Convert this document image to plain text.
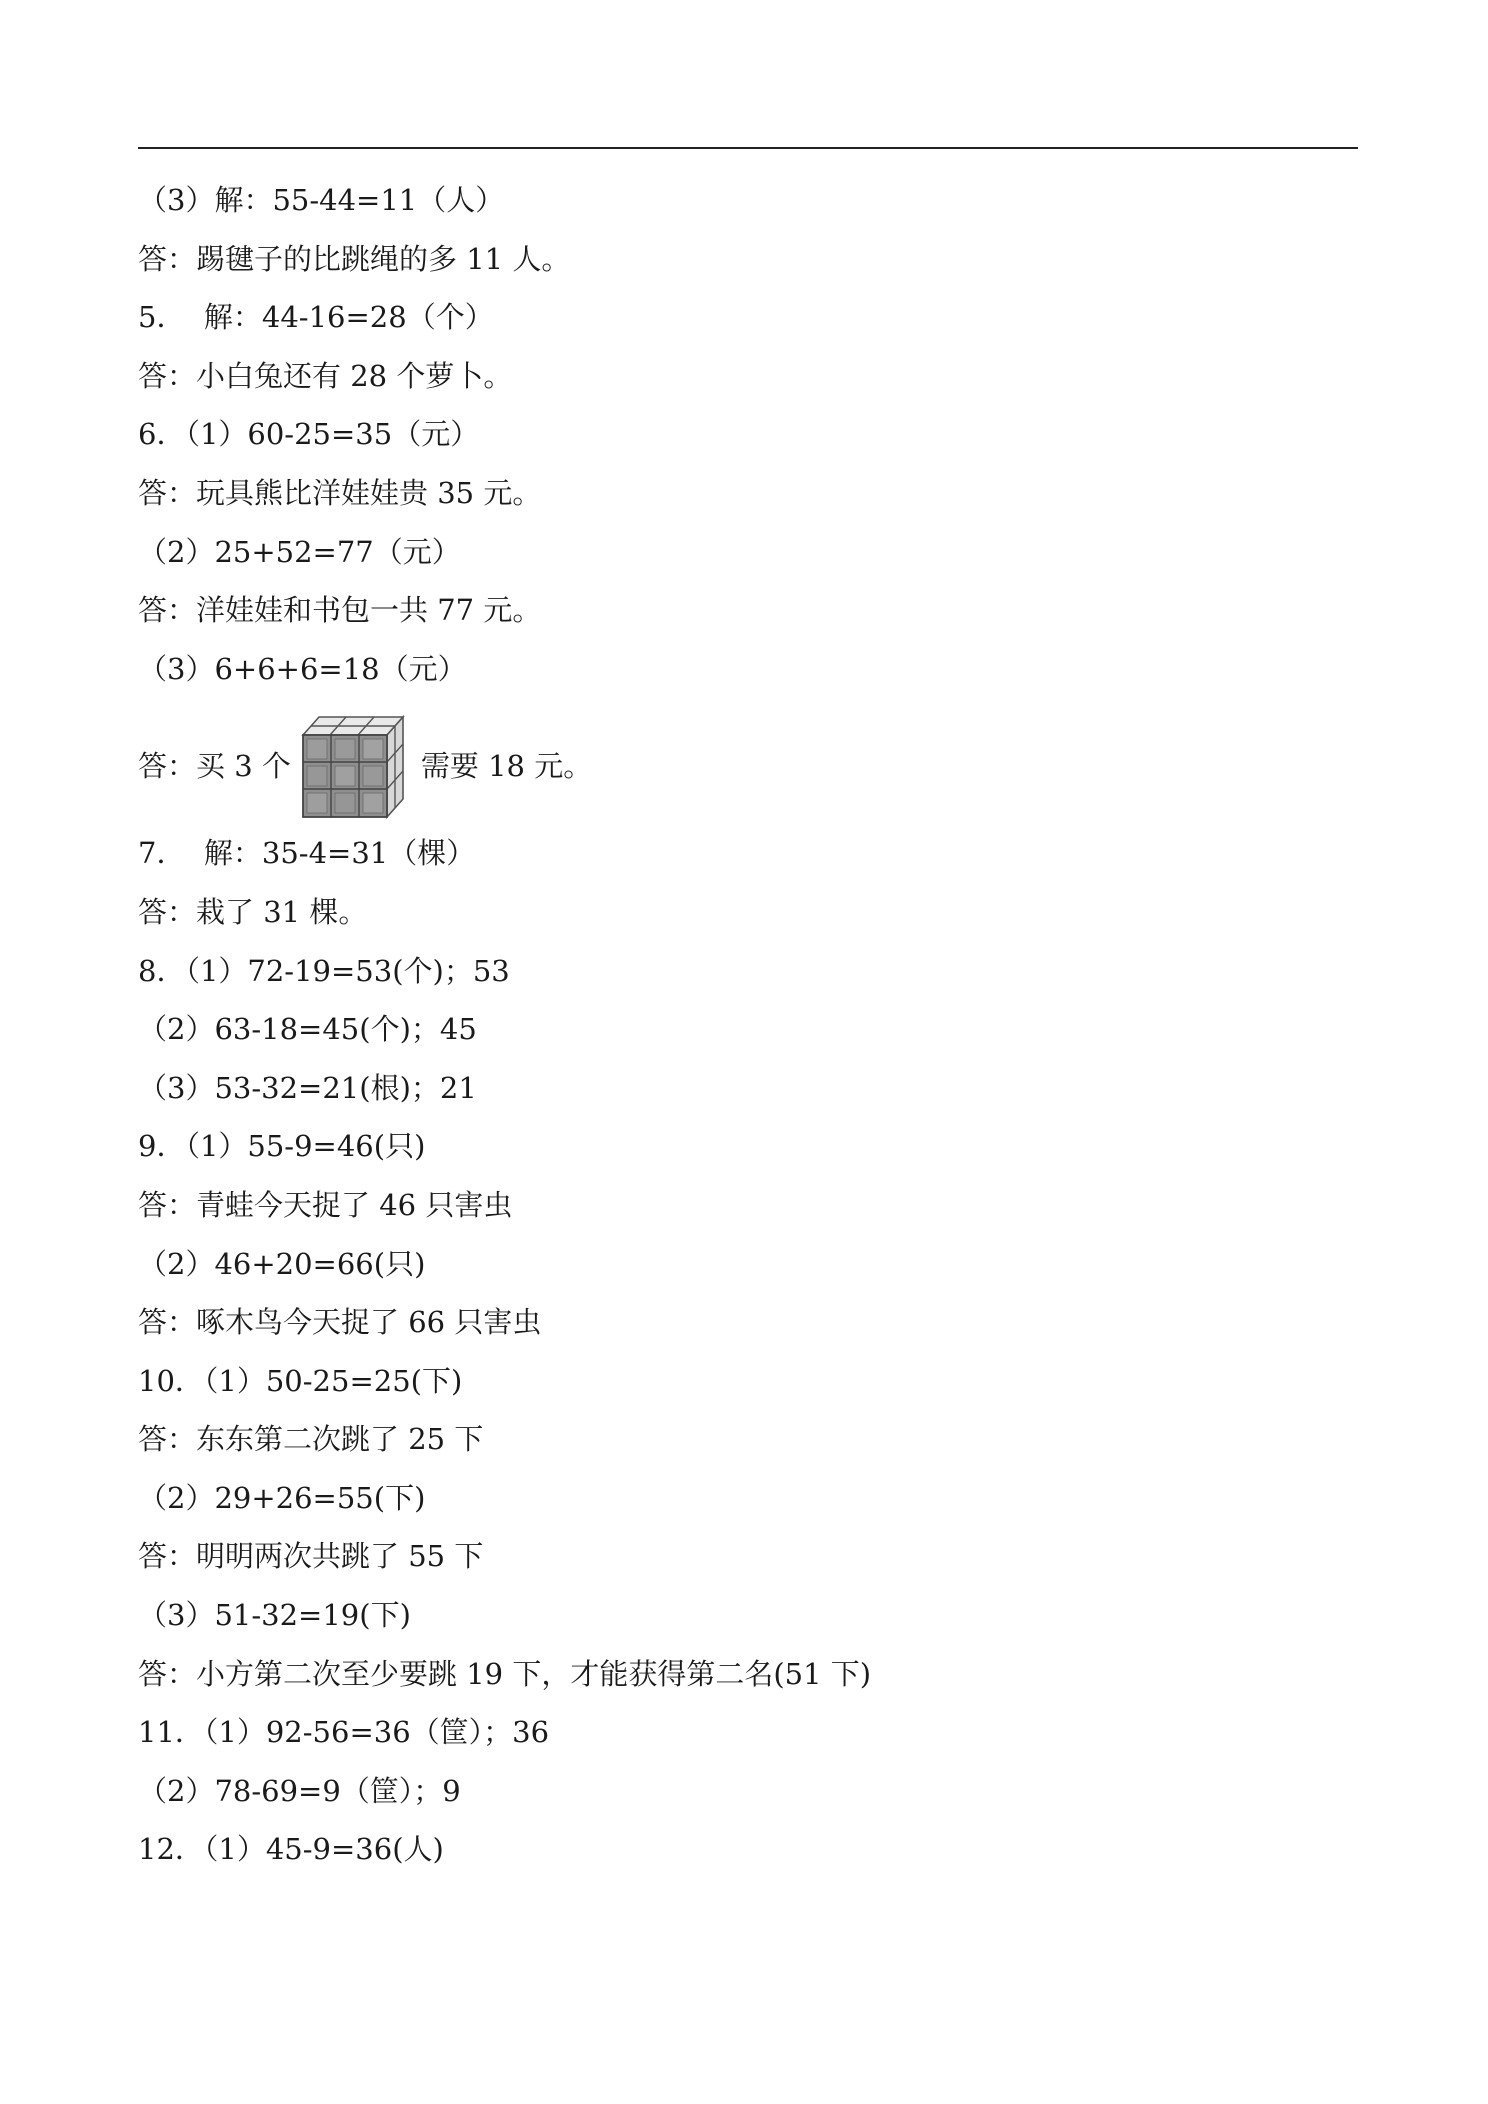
（3）解：55-44=11（人）
答：踢毽子的比跳绳的多 11 人。
5．  解：44-16=28（个）
答：小白兔还有 28 个萝卜。
6．（1）60-25=35（元）
答：玩具熊比洋娃娃贵 35 元。
（2）25+52=77（元）
答：洋娃娃和书包一共 77 元。
（3）6+6+6=18（元）
答：买 3 个

	需要 18 元。
7．  解：35-4=31（棵）
答：栽了 31 棵。
8．（1）72-19=53(个)；53
（2）63-18=45(个)；45
（3）53-32=21(根)；21
9．（1）55-9=46(只)
答：青蛙今天捉了 46 只害虫
（2）46+20=66(只)
答：啄木鸟今天捉了 66 只害虫
10．（1）50-25=25(下)
答：东东第二次跳了 25 下
（2）29+26=55(下)
答：明明两次共跳了 55 下
（3）51-32=19(下)
答：小方第二次至少要跳 19 下，才能获得第二名(51 下)
11．（1）92-56=36（筐）；36
（2）78-69=9（筐）；9
12．（1）45-9=36(人)
